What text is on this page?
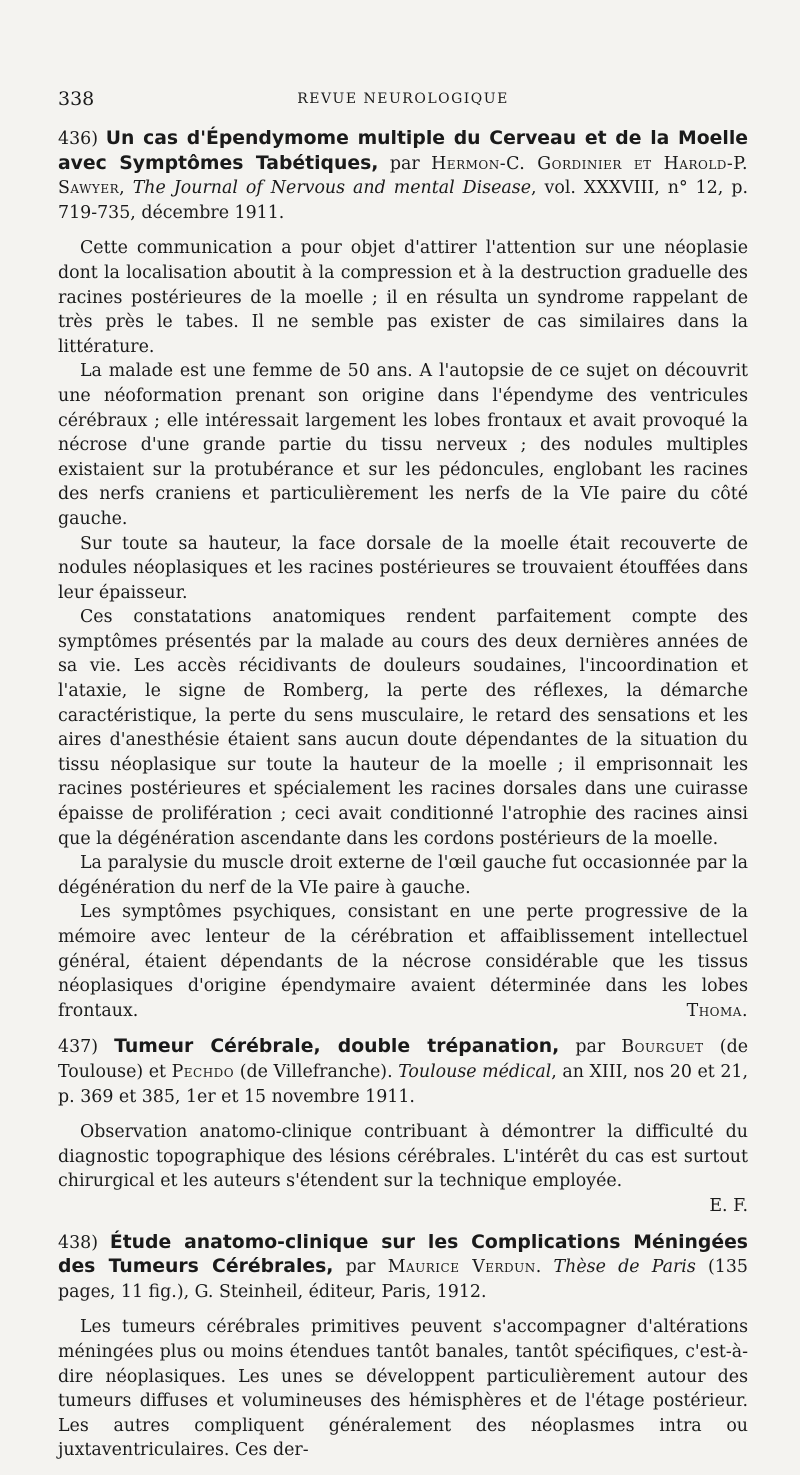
338	REVUE NEUROLOGIQUE

436) Un cas d'Épendymome multiple du Cerveau et de la Moelle avec Symptômes Tabétiques, par Hermon-C. Gordinier et Harold-P. Sawyer, The Journal of Nervous and mental Disease, vol. XXXVIII, n° 12, p. 719-735, décembre 1911.

Cette communication a pour objet d'attirer l'attention sur une néoplasie dont la localisation aboutit à la compression et à la destruction graduelle des racines postérieures de la moelle ; il en résulta un syndrome rappelant de très près le tabes. Il ne semble pas exister de cas similaires dans la littérature.

La malade est une femme de 50 ans. A l'autopsie de ce sujet on découvrit une néoformation prenant son origine dans l'épendyme des ventricules cérébraux ; elle intéressait largement les lobes frontaux et avait provoqué la nécrose d'une grande partie du tissu nerveux ; des nodules multiples existaient sur la protubérance et sur les pédoncules, englobant les racines des nerfs craniens et particulièrement les nerfs de la VIe paire du côté gauche.

Sur toute sa hauteur, la face dorsale de la moelle était recouverte de nodules néoplasiques et les racines postérieures se trouvaient étouffées dans leur épaisseur.

Ces constatations anatomiques rendent parfaitement compte des symptômes présentés par la malade au cours des deux dernières années de sa vie. Les accès récidivants de douleurs soudaines, l'incoordination et l'ataxie, le signe de Romberg, la perte des réflexes, la démarche caractéristique, la perte du sens musculaire, le retard des sensations et les aires d'anesthésie étaient sans aucun doute dépendantes de la situation du tissu néoplasique sur toute la hauteur de la moelle ; il emprisonnait les racines postérieures et spécialement les racines dorsales dans une cuirasse épaisse de prolifération ; ceci avait conditionné l'atrophie des racines ainsi que la dégénération ascendante dans les cordons postérieurs de la moelle.

La paralysie du muscle droit externe de l'œil gauche fut occasionnée par la dégénération du nerf de la VIe paire à gauche.

Les symptômes psychiques, consistant en une perte progressive de la mémoire avec lenteur de la cérébration et affaiblissement intellectuel général, étaient dépendants de la nécrose considérable que les tissus néoplasiques d'origine épendymaire avaient déterminée dans les lobes frontaux.	Thoma.

437) Tumeur Cérébrale, double trépanation, par Bourguet (de Toulouse) et Pechdo (de Villefranche). Toulouse médical, an XIII, nos 20 et 21, p. 369 et 385, 1er et 15 novembre 1911.

Observation anatomo-clinique contribuant à démontrer la difficulté du diagnostic topographique des lésions cérébrales. L'intérêt du cas est surtout chirurgical et les auteurs s'étendent sur la technique employée.

E. F.

438) Étude anatomo-clinique sur les Complications Méningées des Tumeurs Cérébrales, par Maurice Verdun. Thèse de Paris (135 pages, 11 fig.), G. Steinheil, éditeur, Paris, 1912.

Les tumeurs cérébrales primitives peuvent s'accompagner d'altérations méningées plus ou moins étendues tantôt banales, tantôt spécifiques, c'est-à-dire néoplasiques. Les unes se développent particulièrement autour des tumeurs diffuses et volumineuses des hémisphères et de l'étage postérieur. Les autres compliquent généralement des néoplasmes intra ou juxtaventriculaires. Ces der-
